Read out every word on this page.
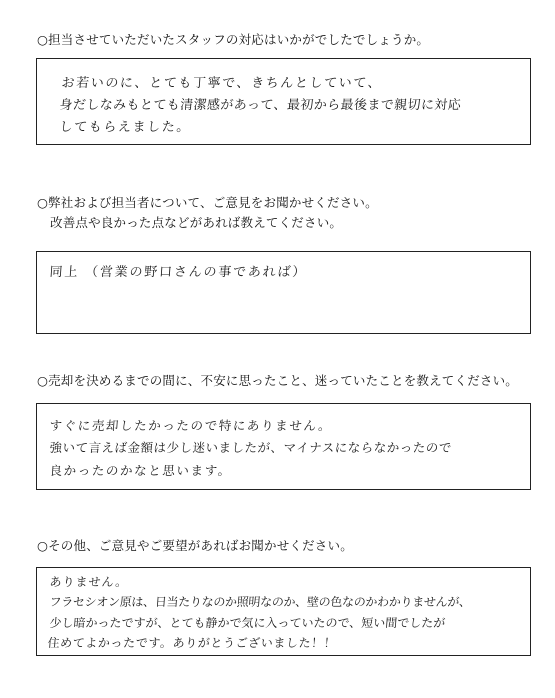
○担当させていただいたスタッフの対応はいかがでしたでしょうか。
お若いのに、とても丁寧で、きちんとしていて、
身だしなみもとても清潔感があって、最初から最後まで親切に対応
してもらえました。
○弊社および担当者について、ご意見をお聞かせください。
改善点や良かった点などがあれば教えてください。
同上 （営業の野口さんの事であれば）
○売却を決めるまでの間に、不安に思ったこと、迷っていたことを教えてください。
すぐに売却したかったので特にありません。
強いて言えば金額は少し迷いましたが、マイナスにならなかったので
良かったのかなと思います。
○その他、ご意見やご要望があればお聞かせください。
ありません。
フラセシオン原は、日当たりなのか照明なのか、壁の色なのかわかりませんが、
少し暗かったですが、とても静かで気に入っていたので、短い間でしたが
住めてよかったです。ありがとうございました！！
